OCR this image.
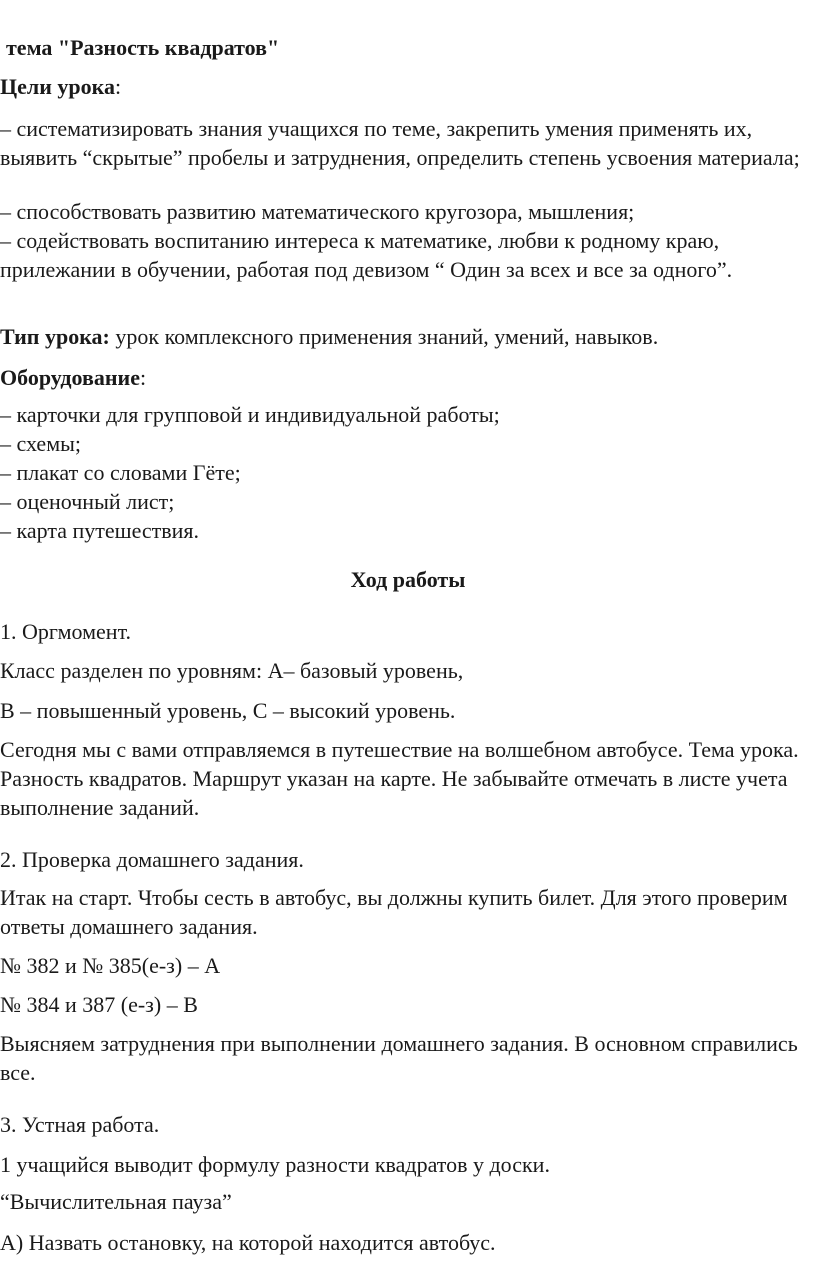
тема "Разность квадратов"

Цели урока:

– систематизировать знания учащихся по теме, закрепить умения применять их, выявить “скрытые” пробелы и затруднения, определить степень усвоения материала;

– способствовать развитию математического кругозора, мышления;

– содействовать воспитанию интереса к математике, любви к родному краю, прилежании в обучении, работая под девизом “ Один за всех и все за одного”.

Тип урока: урок комплексного применения знаний, умений, навыков.

Оборудование:

– карточки для групповой и индивидуальной работы;
– схемы;
– плакат со словами Гёте;
– оценочный лист;
– карта путешествия.

Ход работы

1. Оргмомент.

Класс разделен по уровням: А– базовый уровень,

В – повышенный уровень, С – высокий уровень.

Сегодня мы с вами отправляемся в путешествие на волшебном автобусе. Тема урока. Разность квадратов. Маршрут указан на карте. Не забывайте отмечать в листе учета выполнение заданий.

2. Проверка домашнего задания.

Итак на старт. Чтобы сесть в автобус, вы должны купить билет. Для этого проверим ответы домашнего задания.

№ 382 и № 385(е-з) – А

№ 384 и 387 (е-з) – В

Выясняем затруднения при выполнении домашнего задания. В основном справились все.

3. Устная работа.

1 учащийся выводит формулу разности квадратов у доски.

“Вычислительная пауза”

А) Назвать остановку, на которой находится автобус.
